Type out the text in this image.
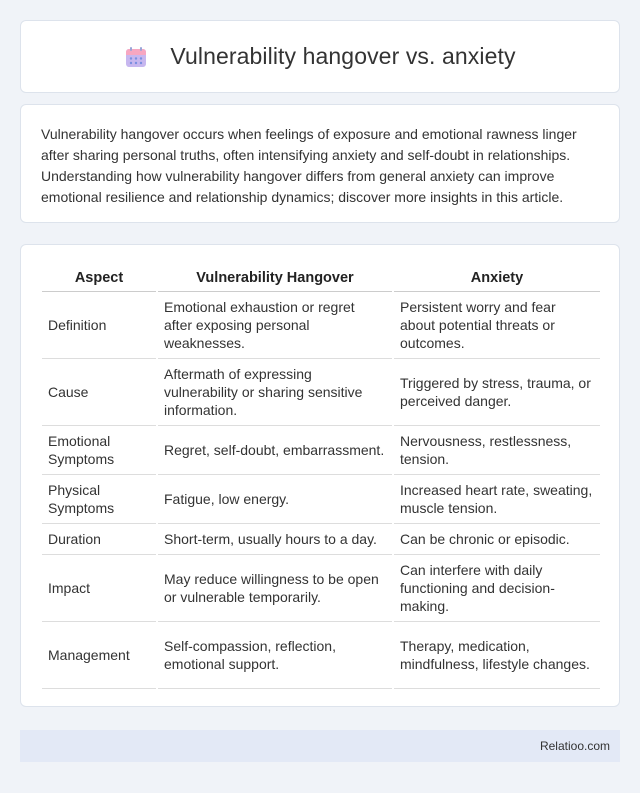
Vulnerability hangover vs. anxiety

Vulnerability hangover occurs when feelings of exposure and emotional rawness linger after sharing personal truths, often intensifying anxiety and self-doubt in relationships. Understanding how vulnerability hangover differs from general anxiety can improve emotional resilience and relationship dynamics; discover more insights in this article.

Aspect	Vulnerability Hangover	Anxiety
Definition	Emotional exhaustion or regret after exposing personal weaknesses.	Persistent worry and fear about potential threats or outcomes.
Cause	Aftermath of expressing vulnerability or sharing sensitive information.	Triggered by stress, trauma, or perceived danger.
Emotional Symptoms	Regret, self-doubt, embarrassment.	Nervousness, restlessness, tension.
Physical Symptoms	Fatigue, low energy.	Increased heart rate, sweating, muscle tension.
Duration	Short-term, usually hours to a day.	Can be chronic or episodic.
Impact	May reduce willingness to be open or vulnerable temporarily.	Can interfere with daily functioning and decision-making.
Management	Self-compassion, reflection, emotional support.	Therapy, medication, mindfulness, lifestyle changes.
Relatioo.com
